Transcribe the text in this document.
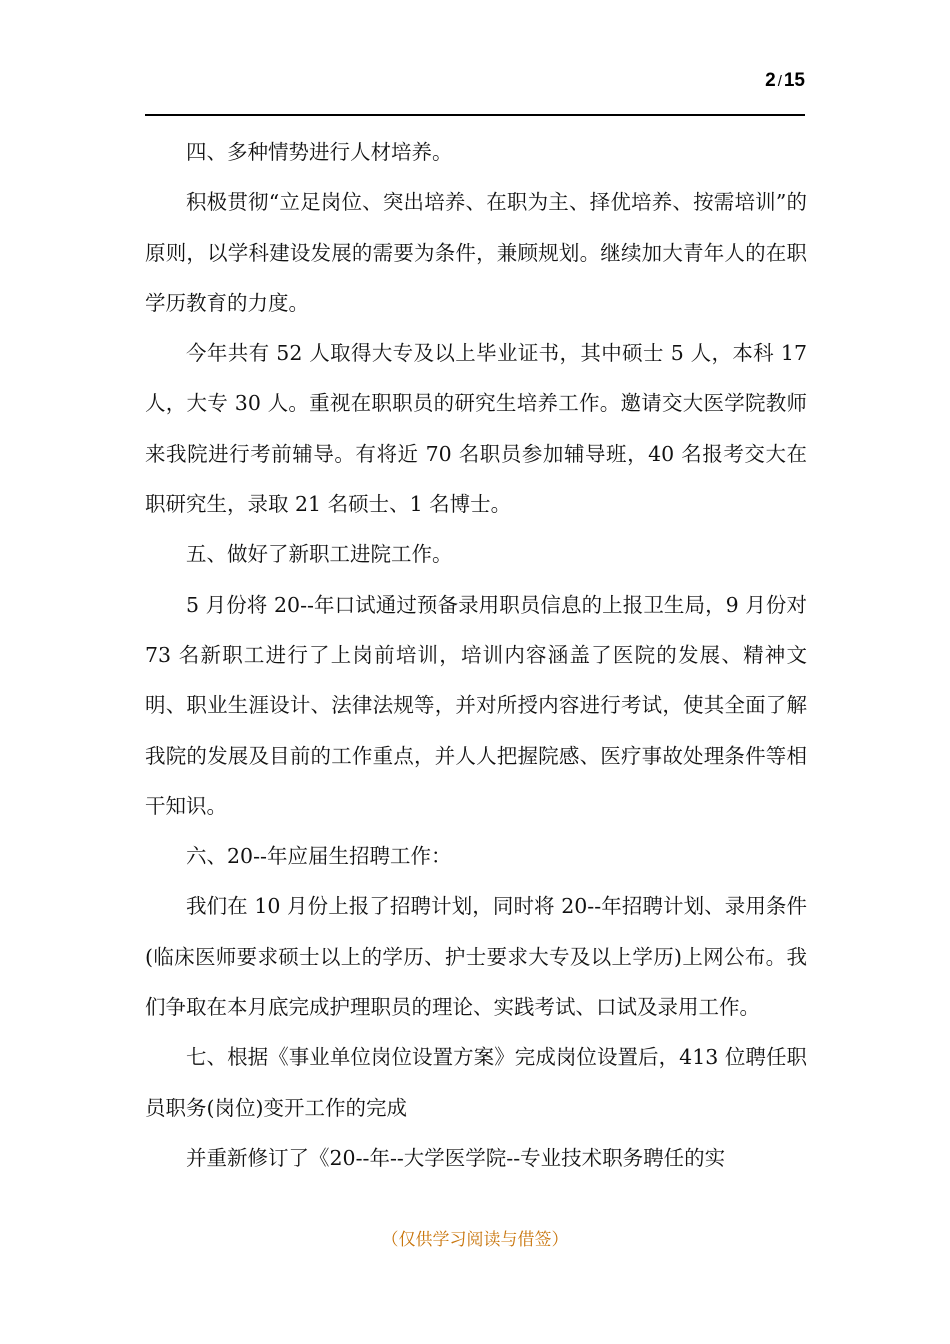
2 / 15

四、多种情势进行人材培养。

积极贯彻“立足岗位、突出培养、在职为主、择优培养、按需培训”的原则，以学科建设发展的需要为条件，兼顾规划。继续加大青年人的在职学历教育的力度。

今年共有 52 人取得大专及以上毕业证书，其中硕士 5 人，本科 17 人，大专 30 人。重视在职职员的研究生培养工作。邀请交大医学院教师来我院进行考前辅导。有将近 70 名职员参加辅导班，40 名报考交大在职研究生，录取 21 名硕士、1 名博士。

五、做好了新职工进院工作。

5 月份将 20--年口试通过预备录用职员信息的上报卫生局，9 月份对 73 名新职工进行了上岗前培训，培训内容涵盖了医院的发展、精神文明、职业生涯设计、法律法规等，并对所授内容进行考试，使其全面了解我院的发展及目前的工作重点，并人人把握院感、医疗事故处理条件等相干知识。

六、20--年应届生招聘工作：

我们在 10 月份上报了招聘计划，同时将 20--年招聘计划、录用条件(临床医师要求硕士以上的学历、护士要求大专及以上学历)上网公布。我们争取在本月底完成护理职员的理论、实践考试、口试及录用工作。

七、根据《事业单位岗位设置方案》完成岗位设置后，413 位聘任职员职务(岗位)变开工作的完成

并重新修订了《20--年--大学医学院--专业技术职务聘任的实

（仅供学习阅读与借签）
